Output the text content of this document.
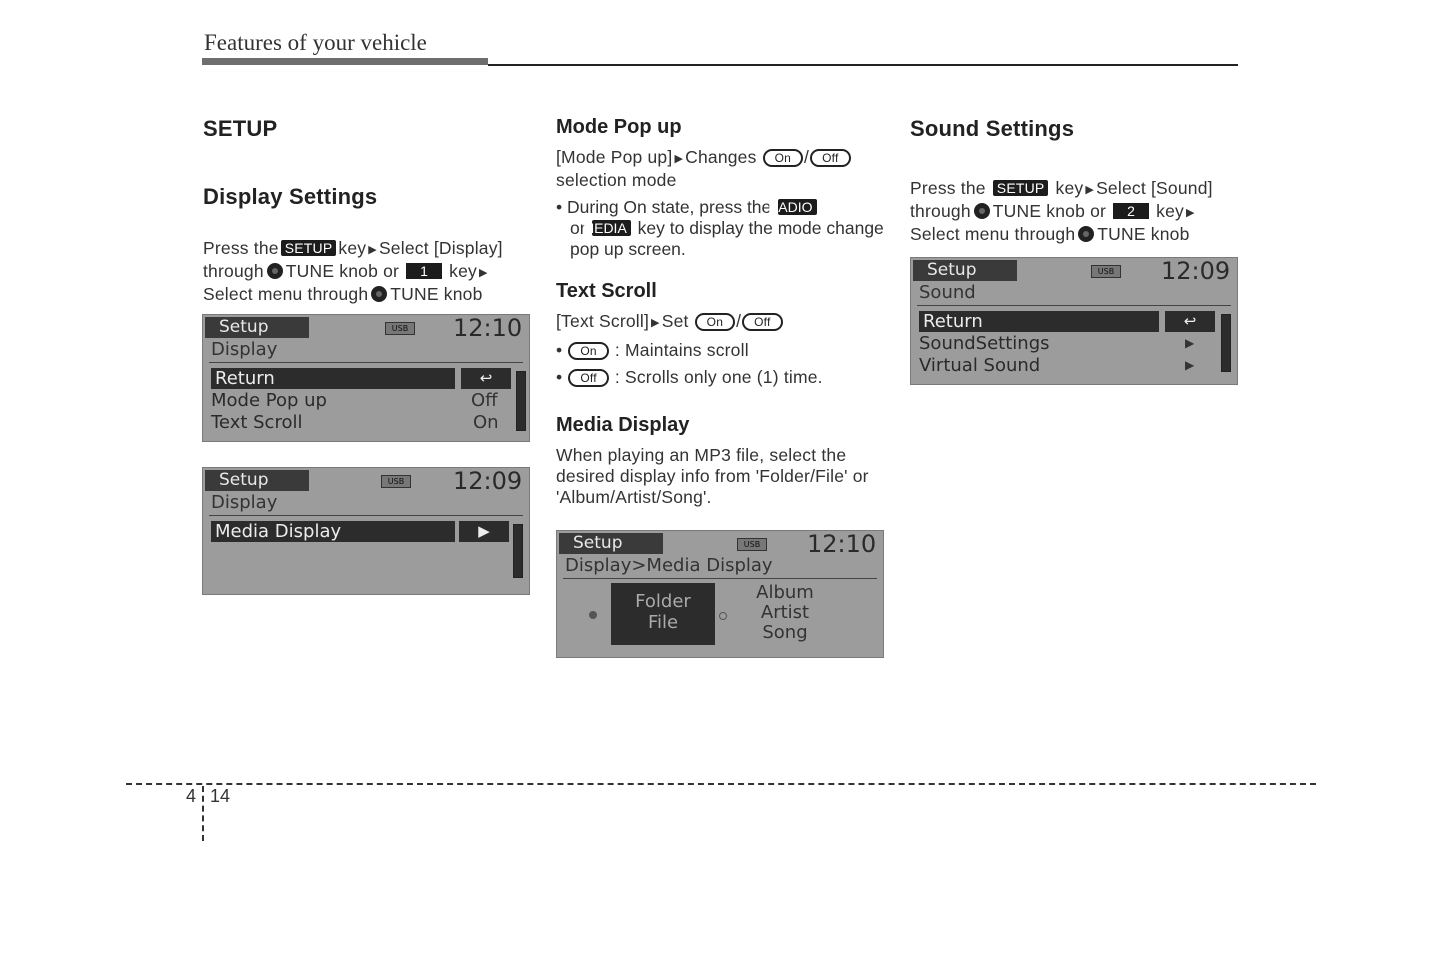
Features of your vehicle
SETUP
Display Settings

Press the SETUP key ▶ Select [Display]
through TUNE knob or 1 key ▶
Select menu through TUNE knob

Setup	USB 12:10
Display
Return	↩
Mode Pop up	Off
Text Scroll	On
Setup	USB 12:09
Display
Media Display	▶
Mode Pop up

[Mode Pop up] ▶ Changes On / Off
selection mode

• During On state, press the RADIO
or MEDIA key to display the mode change pop up screen.

Text Scroll

[Text Scroll] ▶ Set On / Off

• On : Maintains scroll

• Off : Scrolls only one (1) time.

Media Display

When playing an MP3 file, select the desired display info from 'Folder/File' or 'Album/Artist/Song'.

Setup	USB 12:10
Display>Media Display
Folder
File
Album
Artist
Song
Sound Settings

Press the SETUP key ▶ Select [Sound]
through TUNE knob or 2 key ▶
Select menu through TUNE knob

Setup	USB 12:09
Sound
Return	↩
SoundSettings	▶
Virtual Sound	▶
4 14
